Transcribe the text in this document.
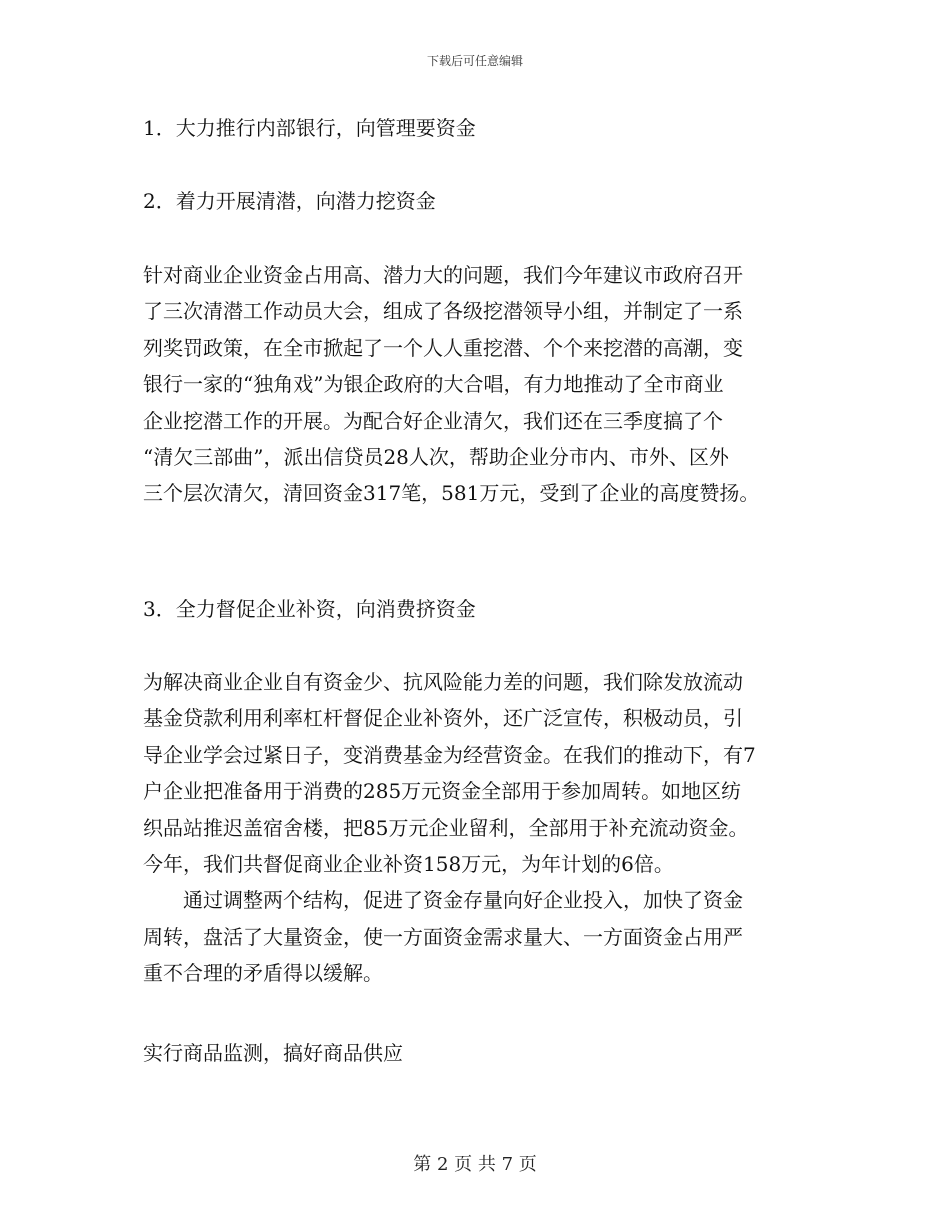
下载后可任意编辑
1．大力推行内部银行，向管理要资金
2．着力开展清潜，向潜力挖资金
针对商业企业资金占用高、潜力大的问题，我们今年建议市政府召开
了三次清潜工作动员大会，组成了各级挖潜领导小组，并制定了一系
列奖罚政策，在全市掀起了一个人人重挖潜、个个来挖潜的高潮，变
银行一家的“独角戏”为银企政府的大合唱，有力地推动了全市商业
企业挖潜工作的开展。为配合好企业清欠，我们还在三季度搞了个
“清欠三部曲”，派出信贷员28人次，帮助企业分市内、市外、区外
三个层次清欠，清回资金317笔，581万元，受到了企业的高度赞扬。
3．全力督促企业补资，向消费挤资金
为解决商业企业自有资金少、抗风险能力差的问题，我们除发放流动
基金贷款利用利率杠杆督促企业补资外，还广泛宣传，积极动员，引
导企业学会过紧日子，变消费基金为经营资金。在我们的推动下，有7
户企业把准备用于消费的285万元资金全部用于参加周转。如地区纺
织品站推迟盖宿舍楼，把85万元企业留利，全部用于补充流动资金。
今年，我们共督促商业企业补资158万元，为年计划的6倍。
　　通过调整两个结构，促进了资金存量向好企业投入，加快了资金
周转，盘活了大量资金，使一方面资金需求量大、一方面资金占用严
重不合理的矛盾得以缓解。
实行商品监测，搞好商品供应
第 2 页 共 7 页
